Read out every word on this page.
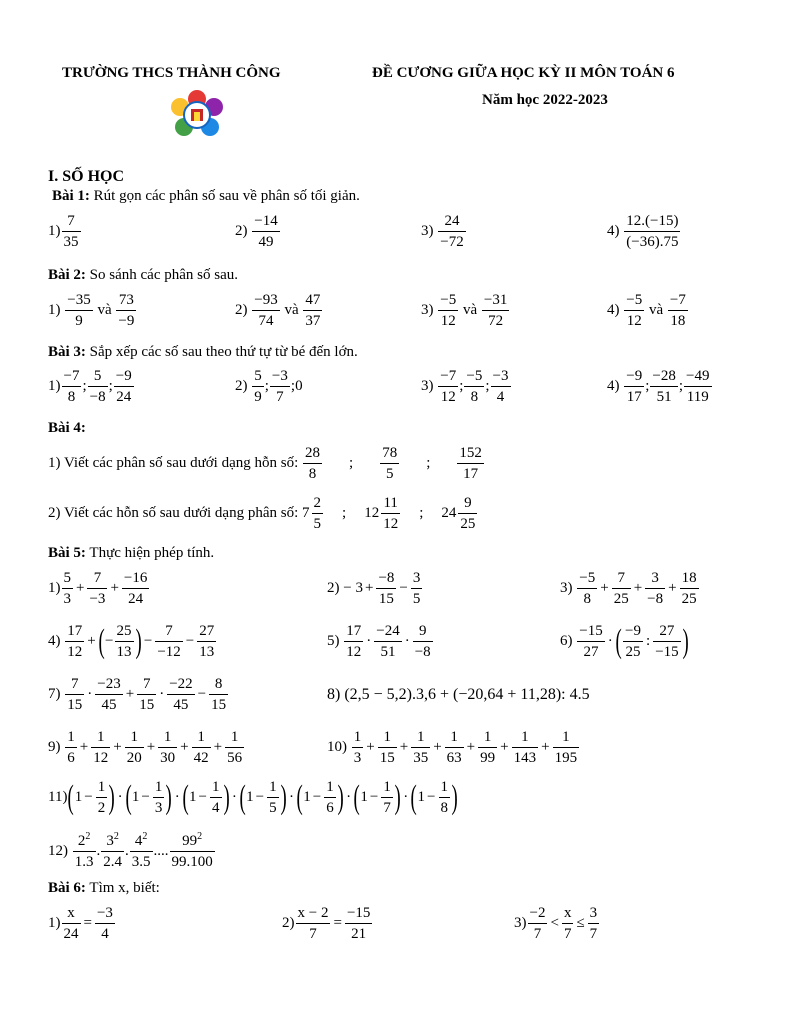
TRƯỜNG THCS THÀNH CÔNG	ĐỀ CƯƠNG GIỮA HỌC KỲ II MÔN TOÁN 6
Năm học 2022-2023
I. SỐ HỌC
Bài 1: Rút gọn các phân số sau về phân số tối giản.
$1) \frac{7}{35}$	2)
$\frac{-14}{49}$	3)
$\frac{24}{-72}$	4)
$\frac{12.(-15)}{(-36).75}$
Bài 2: So sánh các phân số sau.
1)
$\frac{-35}{9}$
và
$\frac{73}{-9}$	2)
$\frac{-93}{74}$
và
$\frac{47}{37}$	3)
$\frac{-5}{12}$
và
$\frac{-31}{72}$	4)
$\frac{-5}{12}$
và
$\frac{-7}{18}$
Bài 3: Sắp xếp các số sau theo thứ tự từ bé đến lớn.
$1) \frac{-7}{8}$ ; $\frac{5}{-8}$ ; $\frac{-9}{24}$	2)
$\frac{5}{9}$ ; $\frac{-3}{7}$ ; 0	3)
$\frac{-7}{12}$ ; $\frac{-5}{8}$ ; $\frac{-3}{4}$	4)
$\frac{-9}{17}$ ; $\frac{-28}{51}$ ; $\frac{-49}{119}$
Bài 4:
1) Viết các phân số sau dưới dạng hỗn số:
$\frac{28}{8}$ ; $\frac{78}{5}$ ; $\frac{152}{17}$
2) Viết các hỗn số sau dưới dạng phân số:
$7 \frac{2}{5}$ ; $12 \frac{11}{12}$ ; $24 \frac{9}{25}$
Bài 5: Thực hiện phép tính.
$1) \frac{5}{3} + \frac{7}{-3} + \frac{-16}{24}$	2)
− $3 + \frac{-8}{15} - \frac{3}{5}$	3)
$\frac{-5}{8} + \frac{7}{25} + \frac{3}{-8} + \frac{18}{25}$
4)
$\frac{17}{12}$ + ( − $\frac{25}{13}$ ) − $\frac{7}{-12} - \frac{27}{13}$	5)
$\frac{17}{12} \cdot \frac{-24}{51} \cdot \frac{9}{-8}$	6)
$\frac{-15}{27}$ · ( $\frac{-9}{25}$ : $\frac{27}{-15}$ )
7)
$\frac{7}{15} \cdot \frac{-23}{45} + \frac{7}{15} \cdot \frac{-22}{45} - \frac{8}{15}$	8) (2,5 − 5,2).3,6 + (−20,64 + 11,28): 4.5
9)
$\frac{1}{6} + \frac{1}{12} + \frac{1}{20} + \frac{1}{30} + \frac{1}{42} + \frac{1}{56}$	10)
$\frac{1}{3} + \frac{1}{15} + \frac{1}{35} + \frac{1}{63} + \frac{1}{99} + \frac{1}{143} + \frac{1}{195}$
11) ( $1 - \frac{1}{2}$ ) · ( $1 - \frac{1}{3}$ ) · ( $1 - \frac{1}{4}$ ) · ( $1 - \frac{1}{5}$ ) · ( $1 - \frac{1}{6}$ ) · ( $1 - \frac{1}{7}$ ) · ( $1 - \frac{1}{8}$ )
12)
$\frac{2^2}{1.3}$ . $\frac{3^2}{2.4}$ . $\frac{4^2}{3.5}$ .... $\frac{99^2}{99.100}$
Bài 6: Tìm x, biết:
$1) \frac{x}{24} = \frac{-3}{4}$	$2) \frac{x - 2}{7} = \frac{-15}{21}$	$3) \frac{-2}{7} < \frac{x}{7} \le \frac{3}{7}$
